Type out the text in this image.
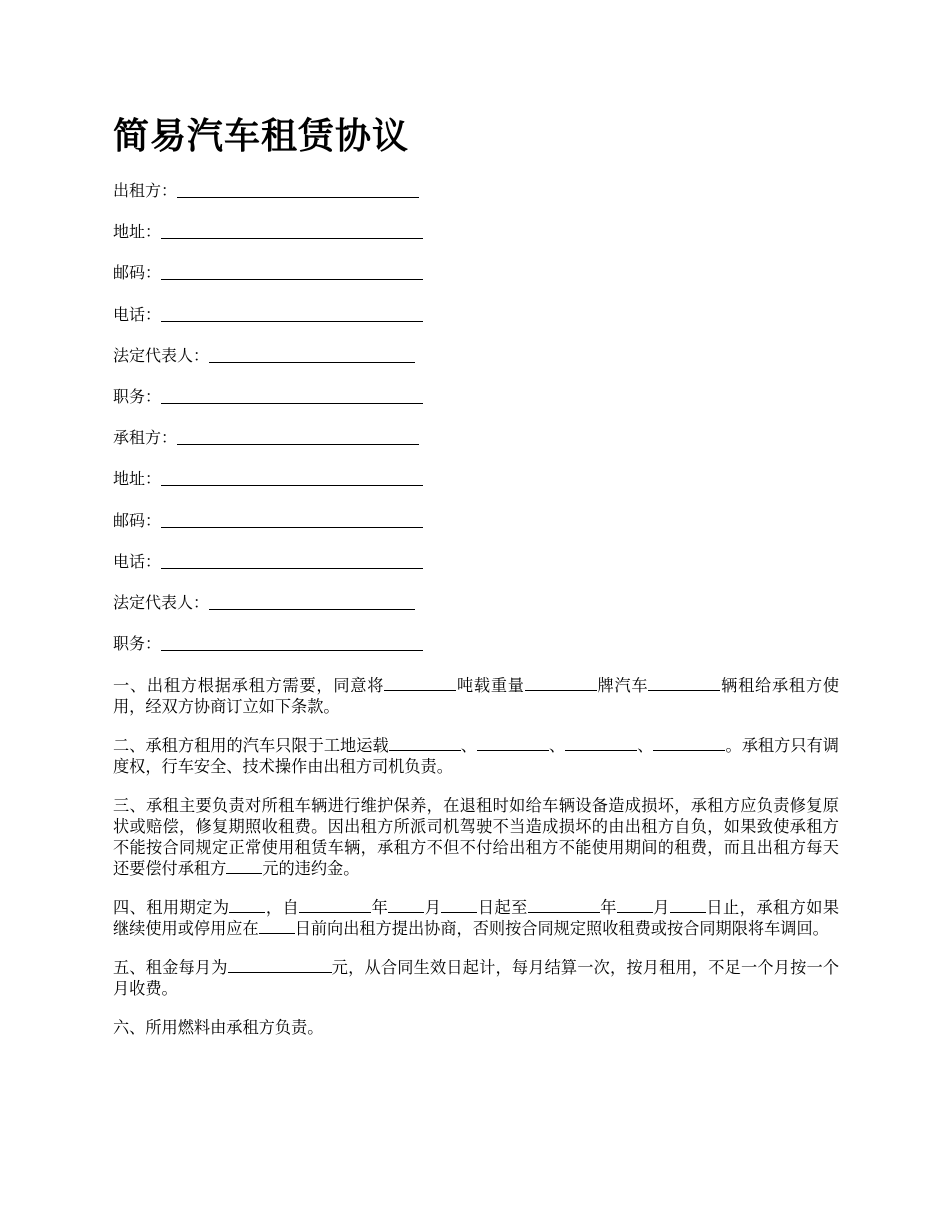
简易汽车租赁协议
出租方：
地址：
邮码：
电话：
法定代表人：
职务：
承租方：
地址：
邮码：
电话：
法定代表人：
职务：

一、出租方根据承租方需要，同意将	吨载重量	牌汽车	辆租给承租方使用，经双方协商订立如下条款。

二、承租方租用的汽车只限于工地运载	、	、	、	。承租方只有调度权，行车安全、技术操作由出租方司机负责。

三、承租主要负责对所租车辆进行维护保养，在退租时如给车辆设备造成损坏，承租方应负责修复原状或赔偿，修复期照收租费。因出租方所派司机驾驶不当造成损坏的由出租方自负，如果致使承租方不能按合同规定正常使用租赁车辆，承租方不但不付给出租方不能使用期间的租费，而且出租方每天还要偿付承租方 元的违约金。

四、租用期定为 ，自	年 月 日起至	年 月 日止，承租方如果继续使用或停用应在 日前向出租方提出协商，否则按合同规定照收租费或按合同期限将车调回。

五、租金每月为	元，从合同生效日起计，每月结算一次，按月租用，不足一个月按一个月收费。

六、所用燃料由承租方负责。
